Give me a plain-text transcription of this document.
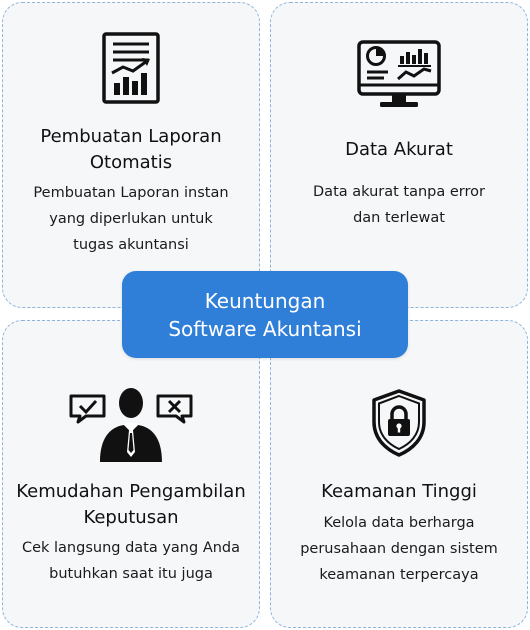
Pembuatan Laporan
Otomatis

Pembuatan Laporan instan
yang diperlukan untuk
tugas akuntansi

Data Akurat

Data akurat tanpa error
dan terlewat

Kemudahan Pengambilan
Keputusan

Cek langsung data yang Anda
butuhkan saat itu juga

Keamanan Tinggi

Kelola data berharga
perusahaan dengan sistem
keamanan terpercaya

Keuntungan
Software Akuntansi
